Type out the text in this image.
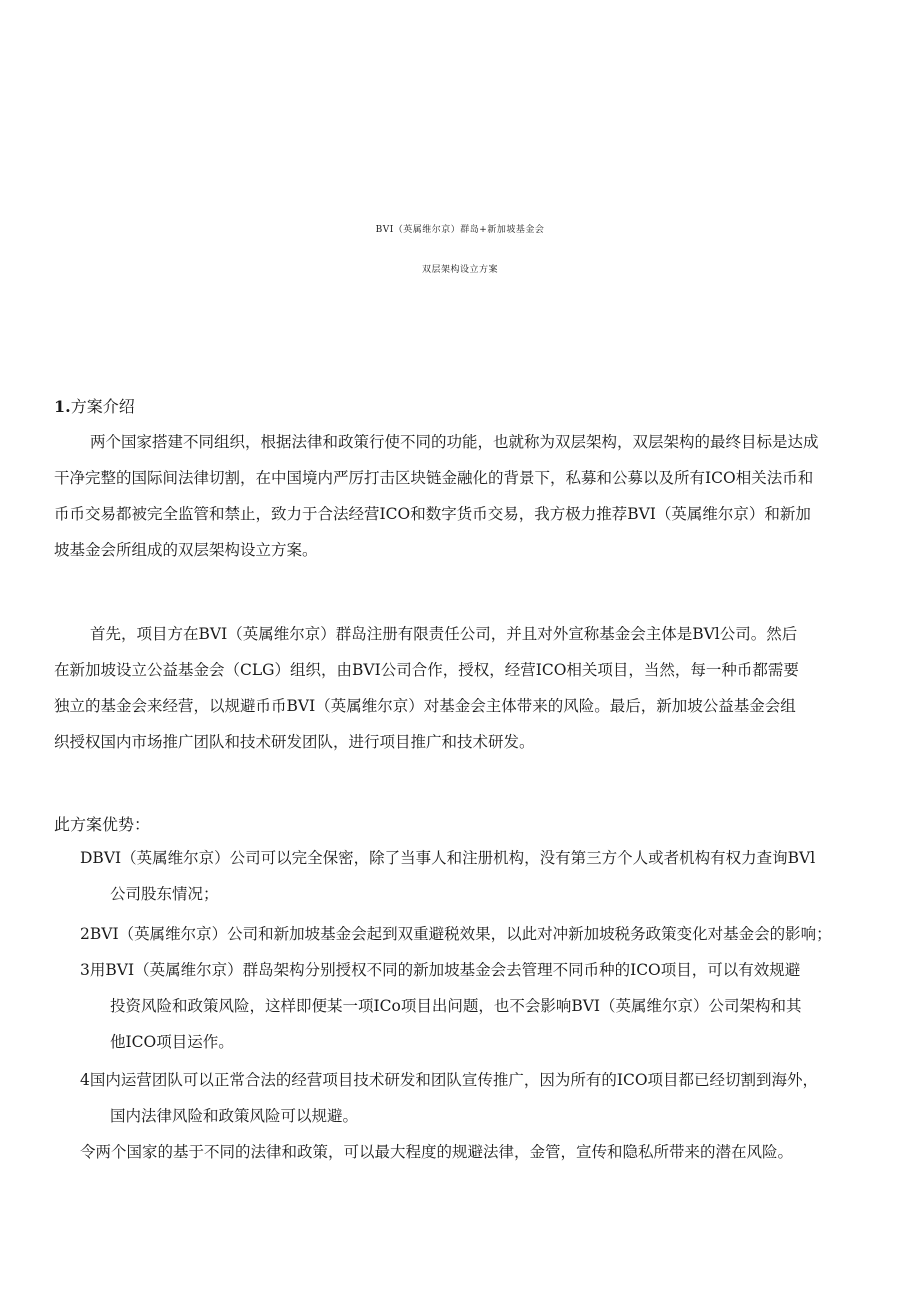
BVI（英属维尔京）群岛+新加坡基金会
双层架构设立方案
1.方案介绍

两个国家搭建不同组织，根据法律和政策行使不同的功能，也就称为双层架构，双层架构的最终目标是达成

干净完整的国际间法律切割，在中国境内严厉打击区块链金融化的背景下，私募和公募以及所有ICO相关法币和

币币交易都被完全监管和禁止，致力于合法经营ICO和数字货币交易，我方极力推荐BVI（英属维尔京）和新加

坡基金会所组成的双层架构设立方案。

首先，项目方在BVI（英属维尔京）群岛注册有限责任公司，并且对外宣称基金会主体是BVl公司。然后

在新加坡设立公益基金会（CLG）组织，由BVI公司合作，授权，经营ICO相关项目，当然，每一种币都需要

独立的基金会来经营，以规避币币BVI（英属维尔京）对基金会主体带来的风险。最后，新加坡公益基金会组

织授权国内市场推广团队和技术研发团队，进行项目推广和技术研发。

此方案优势：

DBVI（英属维尔京）公司可以完全保密，除了当事人和注册机构，没有第三方个人或者机构有权力查询BVl

公司股东情况；

2BVI（英属维尔京）公司和新加坡基金会起到双重避税效果，以此对冲新加坡税务政策变化对基金会的影响；

3用BVI（英属维尔京）群岛架构分别授权不同的新加坡基金会去管理不同币种的ICO项目，可以有效规避

投资风险和政策风险，这样即便某一项ICo项目出问题，也不会影响BVI（英属维尔京）公司架构和其

他ICO项目运作。

4国内运营团队可以正常合法的经营项目技术研发和团队宣传推广，因为所有的ICO项目都已经切割到海外，

国内法律风险和政策风险可以规避。

令两个国家的基于不同的法律和政策，可以最大程度的规避法律，金管，宣传和隐私所带来的潜在风险。
